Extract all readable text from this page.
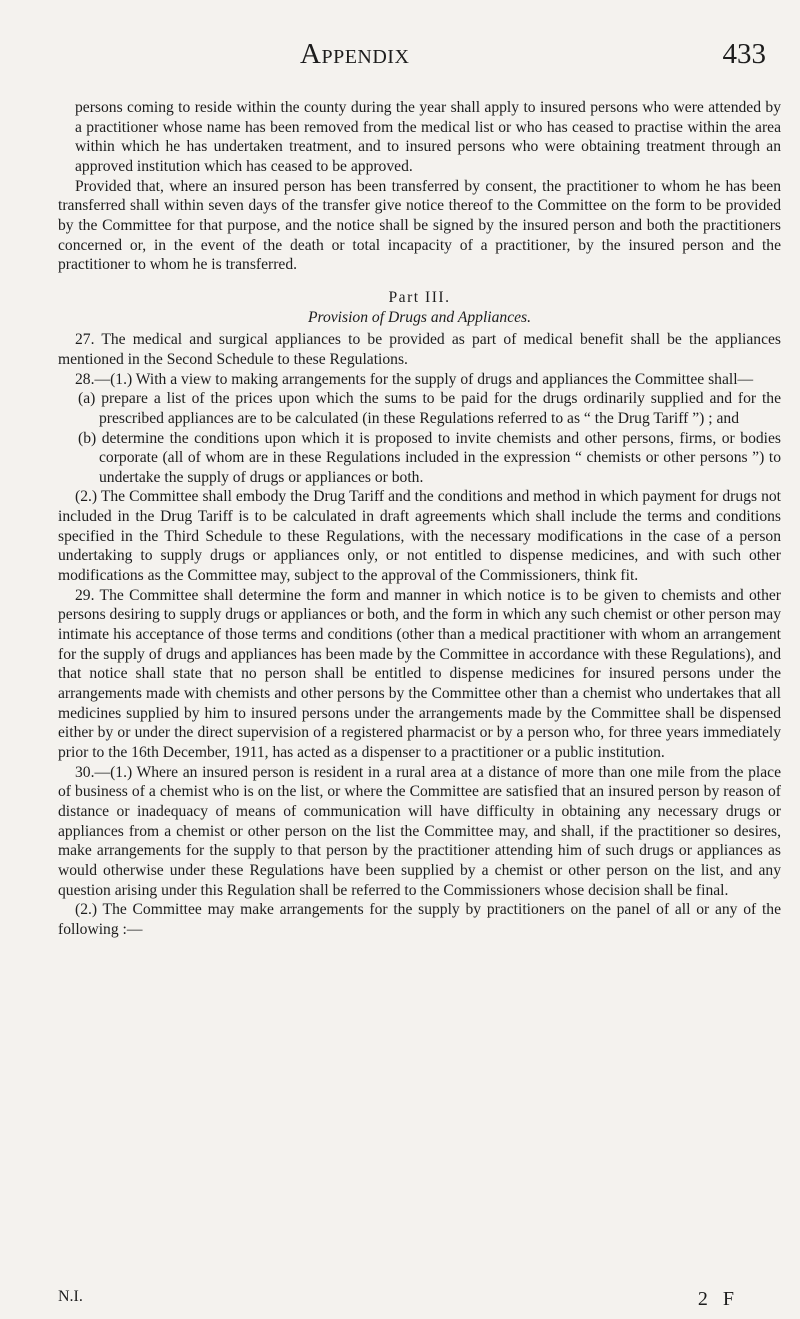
Appendix	433

persons coming to reside within the county during the year shall apply to insured persons who were attended by a practitioner whose name has been removed from the medical list or who has ceased to practise within the area within which he has undertaken treatment, and to insured persons who were obtaining treatment through an approved institution which has ceased to be approved.

Provided that, where an insured person has been transferred by consent, the practitioner to whom he has been transferred shall within seven days of the transfer give notice thereof to the Committee on the form to be provided by the Committee for that purpose, and the notice shall be signed by the insured person and both the practitioners concerned or, in the event of the death or total incapacity of a practitioner, by the insured person and the practitioner to whom he is transferred.

Part III.

Provision of Drugs and Appliances.

27. The medical and surgical appliances to be provided as part of medical benefit shall be the appliances mentioned in the Second Schedule to these Regulations.

28.—(1.) With a view to making arrangements for the supply of drugs and appliances the Committee shall—

(a) prepare a list of the prices upon which the sums to be paid for the drugs ordinarily supplied and for the prescribed appliances are to be calculated (in these Regulations referred to as “ the Drug Tariff ”) ; and

(b) determine the conditions upon which it is proposed to invite chemists and other persons, firms, or bodies corporate (all of whom are in these Regulations included in the expression “ chemists or other persons ”) to undertake the supply of drugs or appliances or both.

(2.) The Committee shall embody the Drug Tariff and the conditions and method in which payment for drugs not included in the Drug Tariff is to be calculated in draft agreements which shall include the terms and conditions specified in the Third Schedule to these Regulations, with the necessary modifications in the case of a person undertaking to supply drugs or appliances only, or not entitled to dispense medicines, and with such other modifications as the Committee may, subject to the approval of the Commissioners, think fit.

29. The Committee shall determine the form and manner in which notice is to be given to chemists and other persons desiring to supply drugs or appliances or both, and the form in which any such chemist or other person may intimate his acceptance of those terms and conditions (other than a medical practitioner with whom an arrangement for the supply of drugs and appliances has been made by the Committee in accordance with these Regulations), and that notice shall state that no person shall be entitled to dispense medicines for insured persons under the arrangements made with chemists and other persons by the Committee other than a chemist who undertakes that all medicines supplied by him to insured persons under the arrangements made by the Committee shall be dispensed either by or under the direct supervision of a registered pharmacist or by a person who, for three years immediately prior to the 16th December, 1911, has acted as a dispenser to a practitioner or a public institution.

30.—(1.) Where an insured person is resident in a rural area at a distance of more than one mile from the place of business of a chemist who is on the list, or where the Committee are satisfied that an insured person by reason of distance or inadequacy of means of communication will have difficulty in obtaining any necessary drugs or appliances from a chemist or other person on the list the Committee may, and shall, if the practitioner so desires, make arrangements for the supply to that person by the practitioner attending him of such drugs or appliances as would otherwise under these Regulations have been supplied by a chemist or other person on the list, and any question arising under this Regulation shall be referred to the Commissioners whose decision shall be final.

(2.) The Committee may make arrangements for the supply by practitioners on the panel of all or any of the following :—

N.I.	2 F
